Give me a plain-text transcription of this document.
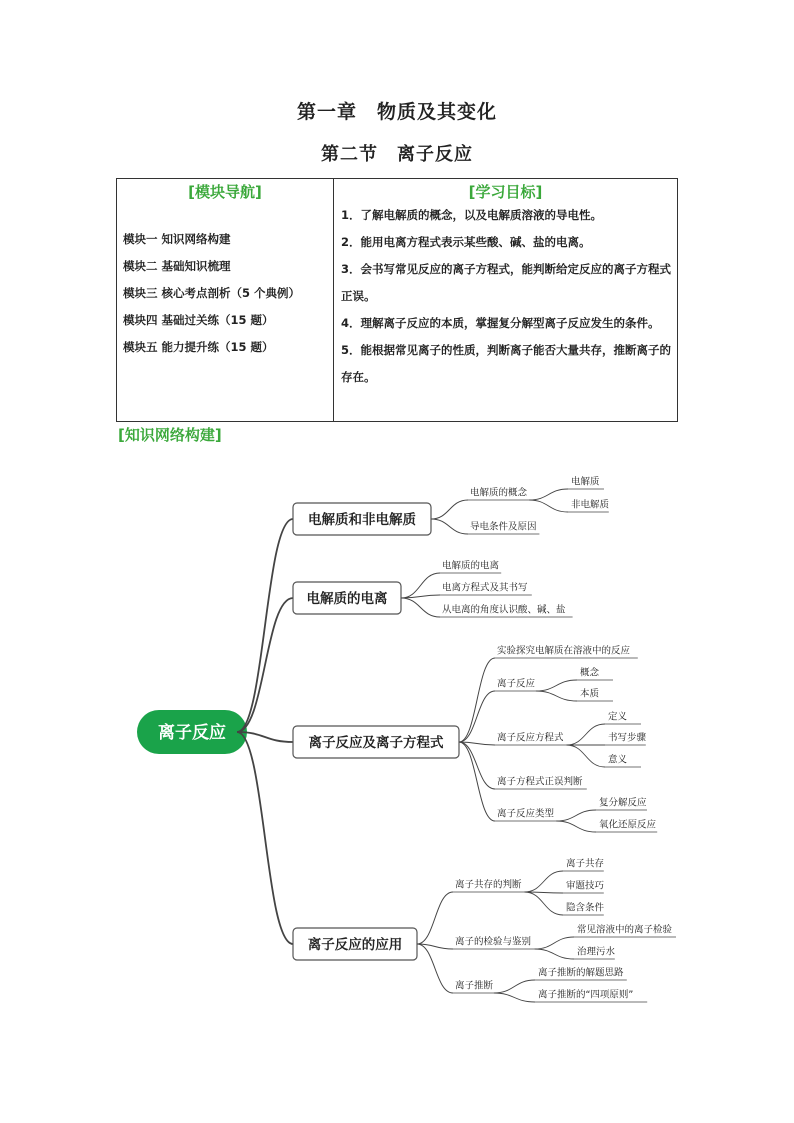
第一章　物质及其变化
第二节　离子反应
[模块导航]
模块一 知识网络构建
模块二 基础知识梳理
模块三 核心考点剖析（5 个典例）
模块四 基础过关练（15 题）
模块五 能力提升练（15 题）

[学习目标]
1．了解电解质的概念，以及电解质溶液的导电性。
2．能用电离方程式表示某些酸、碱、盐的电离。
3．会书写常见反应的离子方程式，能判断给定反应的离子方程式正误。
4．理解离子反应的本质，掌握复分解型离子反应发生的条件。
5．能根据常见离子的性质，判断离子能否大量共存，推断离子的存在。
[知识网络构建]
离子反应
电解质和非电解质
电解质的概念
电解质
非电解质
导电条件及原因
电解质的电离
电解质的电离
电离方程式及其书写
从电离的角度认识酸、碱、盐
离子反应及离子方程式
实验探究电解质在溶液中的反应
离子反应
概念
本质
离子反应方程式
定义
书写步骤
意义
离子方程式正误判断
离子反应类型
复分解反应
氧化还原反应
离子反应的应用
离子共存的判断
离子共存
审题技巧
隐含条件
离子的检验与鉴别
常见溶液中的离子检验
治理污水
离子推断
离子推断的解题思路
离子推断的“四项原则”
